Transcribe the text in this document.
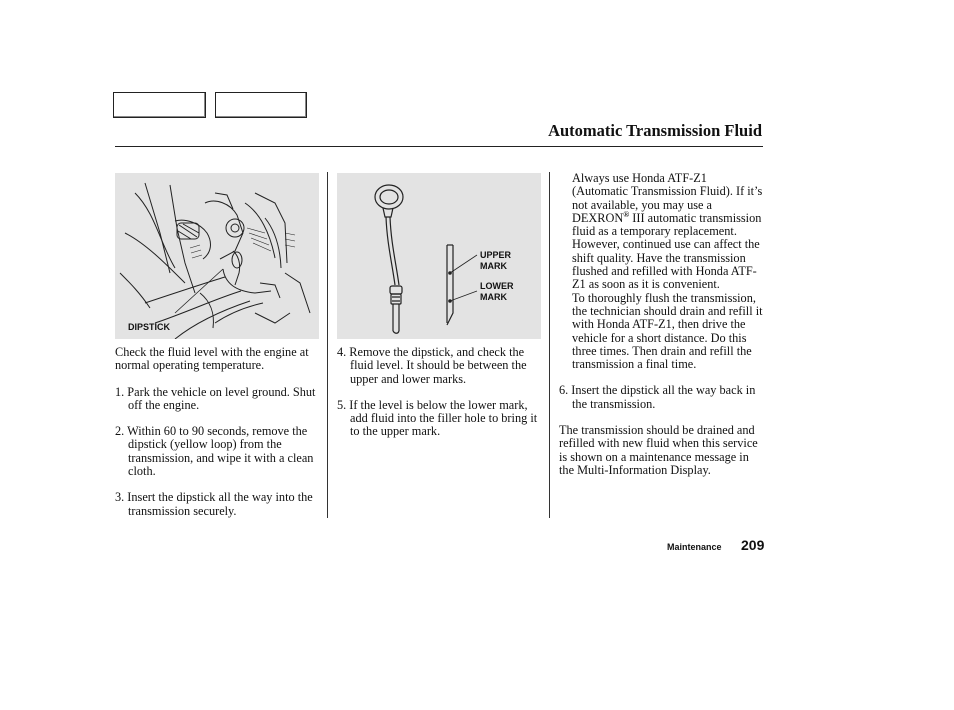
Automatic Transmission Fluid
DIPSTICK
UPPER
MARK
LOWER
MARK

Check the fluid level with the engine at normal operating temperature.

1. Park the vehicle on level ground. Shut off the engine.

2. Within 60 to 90 seconds, remove the dipstick (yellow loop) from the transmission, and wipe it with a clean cloth.

3. Insert the dipstick all the way into the transmission securely.

4. Remove the dipstick, and check the fluid level. It should be between the upper and lower marks.

5. If the level is below the lower mark, add fluid into the filler hole to bring it to the upper mark.

Always use Honda ATF-Z1 (Automatic Transmission Fluid). If it’s not available, you may use a DEXRON® III automatic transmission fluid as a temporary replacement. However, continued use can affect the shift quality. Have the transmission flushed and refilled with Honda ATF-Z1 as soon as it is convenient.

To thoroughly flush the transmission, the technician should drain and refill it with Honda ATF-Z1, then drive the vehicle for a short distance. Do this three times. Then drain and refill the transmission a final time.

6. Insert the dipstick all the way back in the transmission.

The transmission should be drained and refilled with new fluid when this service is shown on a maintenance message in the Multi-Information Display.

Maintenance 209
